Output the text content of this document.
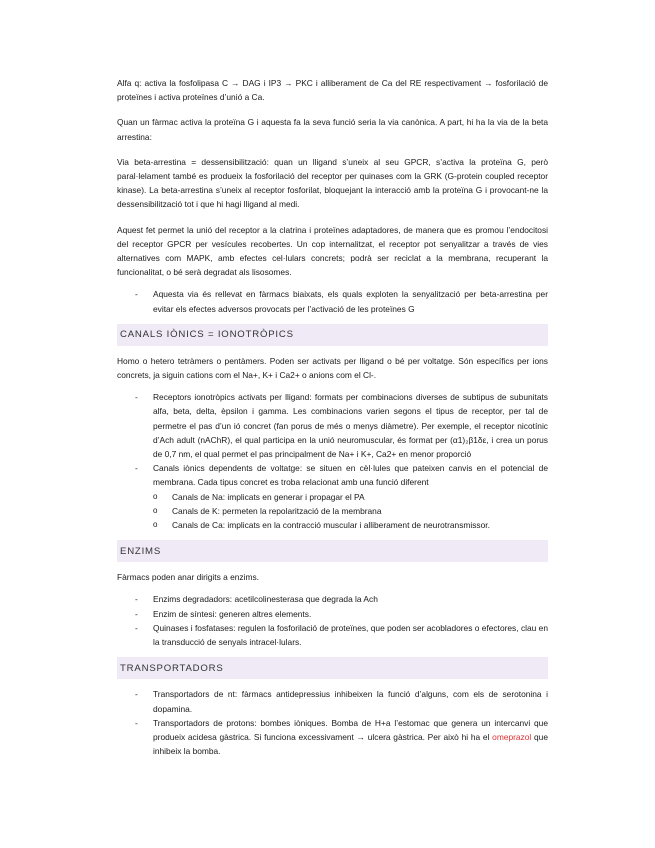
Alfa q: activa la fosfolipasa C → DAG i IP3 → PKC i alliberament de Ca del RE respectivament → fosforilació de proteïnes i activa proteïnes d’unió a Ca.

Quan un fàrmac activa la proteïna G i aquesta fa la seva funció seria la via canònica. A part, hi ha la via de la beta arrestina:

Via beta-arrestina = dessensibilització: quan un lligand s’uneix al seu GPCR, s’activa la proteïna G, però paral·lelament també es produeix la fosforilació del receptor per quinases com la GRK (G-protein coupled receptor kinase). La beta-arrestina s’uneix al receptor fosforilat, bloquejant la interacció amb la proteïna G i provocant-ne la dessensibilització tot i que hi hagi lligand al medi.

Aquest fet permet la unió del receptor a la clatrina i proteïnes adaptadores, de manera que es promou l’endocitosi del receptor GPCR per vesícules recobertes. Un cop internalitzat, el receptor pot senyalitzar a través de vies alternatives com MAPK, amb efectes cel·lulars concrets; podrà ser reciclat a la membrana, recuperant la funcionalitat, o bé serà degradat als lisosomes.

- Aquesta via és rellevat en fàrmacs biaixats, els quals exploten la senyalització per beta-arrestina per evitar els efectes adversos provocats per l’activació de les proteïnes G
CANALS IÒNICS = IONOTRÒPICS

Homo o hetero tetràmers o pentàmers. Poden ser activats per lligand o bé per voltatge. Són específics per ions concrets, ja siguin cations com el Na+, K+ i Ca2+ o anions com el Cl-.

- Receptors ionotròpics activats per lligand: formats per combinacions diverses de subtipus de subunitats alfa, beta, delta, èpsilon i gamma. Les combinacions varien segons el tipus de receptor, per tal de permetre el pas d’un ió concret (fan porus de més o menys diàmetre). Per exemple, el receptor nicotínic d’Ach adult (nAChR), el qual participa en la unió neuromuscular, és format per (α1)₂β1δε, i crea un porus de 0,7 nm, el qual permet el pas principalment de Na+ i K+, Ca2+ en menor proporció
- Canals iònics dependents de voltatge: se situen en cèl·lules que pateixen canvis en el potencial de membrana. Cada tipus concret es troba relacionat amb una funció diferent
o Canals de Na: implicats en generar i propagar el PA
o Canals de K: permeten la repolarització de la membrana
o Canals de Ca: implicats en la contracció muscular i alliberament de neurotransmissor.
ENZIMS

Fàrmacs poden anar dirigits a enzims.

- Enzims degradadors: acetilcolinesterasa que degrada la Ach
- Enzim de síntesi: generen altres elements.
- Quinases i fosfatases: regulen la fosforilació de proteïnes, que poden ser acobladores o efectores, clau en la transducció de senyals intracel·lulars.
TRANSPORTADORS
- Transportadors de nt: fàrmacs antidepressius inhibeixen la funció d’alguns, com els de serotonina i dopamina.
- Transportadors de protons: bombes iòniques. Bomba de H+a l’estomac que genera un intercanvi que produeix acidesa gàstrica. Si funciona excessivament → ulcera gàstrica. Per això hi ha el omeprazol que inhibeix la bomba.
